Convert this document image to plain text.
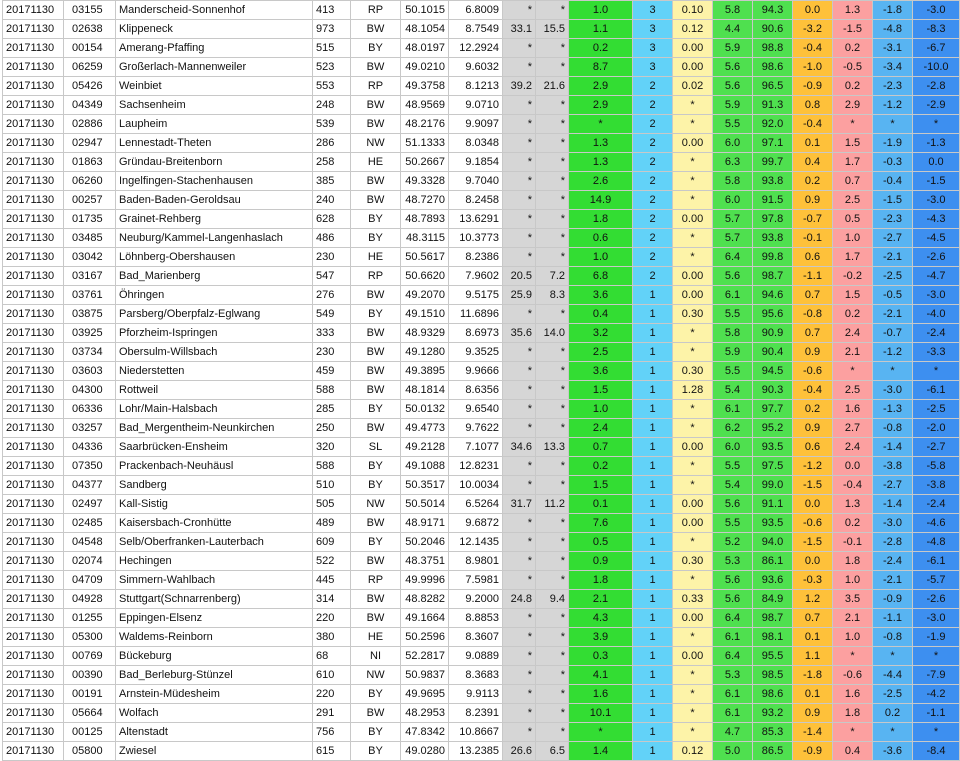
20171130	03155	Manderscheid-Sonnenhof	413	RP	50.1015	6.8009	*	*	1.0	3	0.10	5.8	94.3	0.0	1.3	-1.8	-3.0
20171130	02638	Klippeneck	973	BW	48.1054	8.7549	33.1	15.5	1.1	3	0.12	4.4	90.6	-3.2	-1.5	-4.8	-8.3
20171130	00154	Amerang-Pfaffing	515	BY	48.0197	12.2924	*	*	0.2	3	0.00	5.9	98.8	-0.4	0.2	-3.1	-6.7
20171130	06259	Großerlach-Mannenweiler	523	BW	49.0210	9.6032	*	*	8.7	3	0.00	5.6	98.6	-1.0	-0.5	-3.4	-10.0
20171130	05426	Weinbiet	553	RP	49.3758	8.1213	39.2	21.6	2.9	2	0.02	5.6	96.5	-0.9	0.2	-2.3	-2.8
20171130	04349	Sachsenheim	248	BW	48.9569	9.0710	*	*	2.9	2	*	5.9	91.3	0.8	2.9	-1.2	-2.9
20171130	02886	Laupheim	539	BW	48.2176	9.9097	*	*	*	2	*	5.5	92.0	-0.4	*	*	*
20171130	02947	Lennestadt-Theten	286	NW	51.1333	8.0348	*	*	1.3	2	0.00	6.0	97.1	0.1	1.5	-1.9	-1.3
20171130	01863	Gründau-Breitenborn	258	HE	50.2667	9.1854	*	*	1.3	2	*	6.3	99.7	0.4	1.7	-0.3	0.0
20171130	06260	Ingelfingen-Stachenhausen	385	BW	49.3328	9.7040	*	*	2.6	2	*	5.8	93.8	0.2	0.7	-0.4	-1.5
20171130	00257	Baden-Baden-Geroldsau	240	BW	48.7270	8.2458	*	*	14.9	2	*	6.0	91.5	0.9	2.5	-1.5	-3.0
20171130	01735	Grainet-Rehberg	628	BY	48.7893	13.6291	*	*	1.8	2	0.00	5.7	97.8	-0.7	0.5	-2.3	-4.3
20171130	03485	Neuburg/Kammel-Langenhaslach	486	BY	48.3115	10.3773	*	*	0.6	2	*	5.7	93.8	-0.1	1.0	-2.7	-4.5
20171130	03042	Löhnberg-Obershausen	230	HE	50.5617	8.2386	*	*	1.0	2	*	6.4	99.8	0.6	1.7	-2.1	-2.6
20171130	03167	Bad_Marienberg	547	RP	50.6620	7.9602	20.5	7.2	6.8	2	0.00	5.6	98.7	-1.1	-0.2	-2.5	-4.7
20171130	03761	Öhringen	276	BW	49.2070	9.5175	25.9	8.3	3.6	1	0.00	6.1	94.6	0.7	1.5	-0.5	-3.0
20171130	03875	Parsberg/Oberpfalz-Eglwang	549	BY	49.1510	11.6896	*	*	0.4	1	0.30	5.5	95.6	-0.8	0.2	-2.1	-4.0
20171130	03925	Pforzheim-Ispringen	333	BW	48.9329	8.6973	35.6	14.0	3.2	1	*	5.8	90.9	0.7	2.4	-0.7	-2.4
20171130	03734	Obersulm-Willsbach	230	BW	49.1280	9.3525	*	*	2.5	1	*	5.9	90.4	0.9	2.1	-1.2	-3.3
20171130	03603	Niederstetten	459	BW	49.3895	9.9666	*	*	3.6	1	0.30	5.5	94.5	-0.6	*	*	*
20171130	04300	Rottweil	588	BW	48.1814	8.6356	*	*	1.5	1	1.28	5.4	90.3	-0.4	2.5	-3.0	-6.1
20171130	06336	Lohr/Main-Halsbach	285	BY	50.0132	9.6540	*	*	1.0	1	*	6.1	97.7	0.2	1.6	-1.3	-2.5
20171130	03257	Bad_Mergentheim-Neunkirchen	250	BW	49.4773	9.7622	*	*	2.4	1	*	6.2	95.2	0.9	2.7	-0.8	-2.0
20171130	04336	Saarbrücken-Ensheim	320	SL	49.2128	7.1077	34.6	13.3	0.7	1	0.00	6.0	93.5	0.6	2.4	-1.4	-2.7
20171130	07350	Prackenbach-Neuhäusl	588	BY	49.1088	12.8231	*	*	0.2	1	*	5.5	97.5	-1.2	0.0	-3.8	-5.8
20171130	04377	Sandberg	510	BY	50.3517	10.0034	*	*	1.5	1	*	5.4	99.0	-1.5	-0.4	-2.7	-3.8
20171130	02497	Kall-Sistig	505	NW	50.5014	6.5264	31.7	11.2	0.1	1	0.00	5.6	91.1	0.0	1.3	-1.4	-2.4
20171130	02485	Kaisersbach-Cronhütte	489	BW	48.9171	9.6872	*	*	7.6	1	0.00	5.5	93.5	-0.6	0.2	-3.0	-4.6
20171130	04548	Selb/Oberfranken-Lauterbach	609	BY	50.2046	12.1435	*	*	0.5	1	*	5.2	94.0	-1.5	-0.1	-2.8	-4.8
20171130	02074	Hechingen	522	BW	48.3751	8.9801	*	*	0.9	1	0.30	5.3	86.1	0.0	1.8	-2.4	-6.1
20171130	04709	Simmern-Wahlbach	445	RP	49.9996	7.5981	*	*	1.8	1	*	5.6	93.6	-0.3	1.0	-2.1	-5.7
20171130	04928	Stuttgart(Schnarrenberg)	314	BW	48.8282	9.2000	24.8	9.4	2.1	1	0.33	5.6	84.9	1.2	3.5	-0.9	-2.6
20171130	01255	Eppingen-Elsenz	220	BW	49.1664	8.8853	*	*	4.3	1	0.00	6.4	98.7	0.7	2.1	-1.1	-3.0
20171130	05300	Waldems-Reinborn	380	HE	50.2596	8.3607	*	*	3.9	1	*	6.1	98.1	0.1	1.0	-0.8	-1.9
20171130	00769	Bückeburg	68	NI	52.2817	9.0889	*	*	0.3	1	0.00	6.4	95.5	1.1	*	*	*
20171130	00390	Bad_Berleburg-Stünzel	610	NW	50.9837	8.3683	*	*	4.1	1	*	5.3	98.5	-1.8	-0.6	-4.4	-7.9
20171130	00191	Arnstein-Müdesheim	220	BY	49.9695	9.9113	*	*	1.6	1	*	6.1	98.6	0.1	1.6	-2.5	-4.2
20171130	05664	Wolfach	291	BW	48.2953	8.2391	*	*	10.1	1	*	6.1	93.2	0.9	1.8	0.2	-1.1
20171130	00125	Altenstadt	756	BY	47.8342	10.8667	*	*	*	1	*	4.7	85.3	-1.4	*	*	*
20171130	05800	Zwiesel	615	BY	49.0280	13.2385	26.6	6.5	1.4	1	0.12	5.0	86.5	-0.9	0.4	-3.6	-8.4
